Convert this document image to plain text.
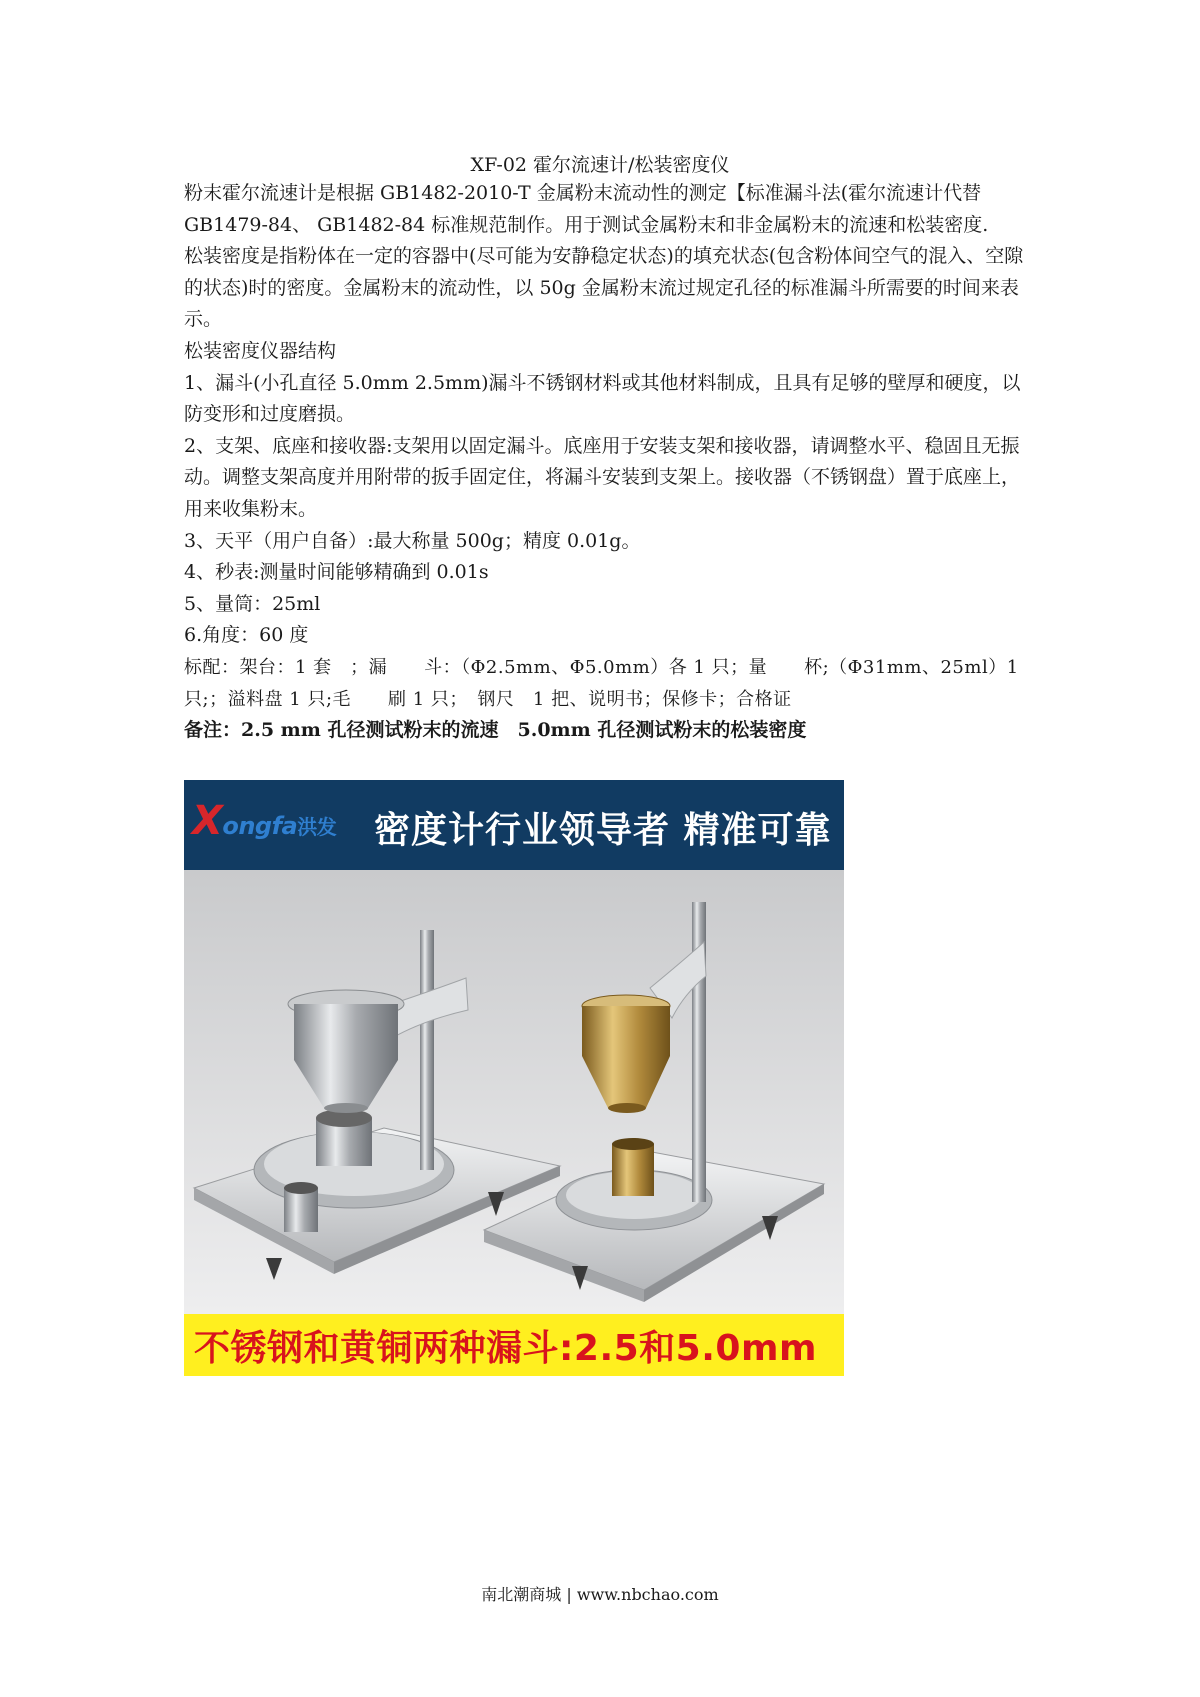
XF-02 霍尔流速计/松装密度仪

粉末霍尔流速计是根据 GB1482-2010-T 金属粉末流动性的测定【标准漏斗法(霍尔流速计代替 GB1479-84、 GB1482-84 标准规范制作。用于测试金属粉末和非金属粉末的流速和松装密度.

松装密度是指粉体在一定的容器中(尽可能为安静稳定状态)的填充状态(包含粉体间空气的混入、空隙的状态)时的密度。金属粉末的流动性，以 50g 金属粉末流过规定孔径的标准漏斗所需要的时间来表示。

松装密度仪器结构

1、漏斗(小孔直径 5.0mm 2.5mm)漏斗不锈钢材料或其他材料制成，且具有足够的壁厚和硬度，以防变形和过度磨损。

2、支架、底座和接收器:支架用以固定漏斗。底座用于安装支架和接收器，请调整水平、稳固且无振动。调整支架高度并用附带的扳手固定住，将漏斗安装到支架上。接收器（不锈钢盘）置于底座上，用来收集粉末。

3、天平（用户自备）:最大称量 500g；精度 0.01g。

4、秒表:测量时间能够精确到 0.01s

5、量筒：25ml

6.角度：60 度

标配：架台：1 套　；漏　　斗：（Φ2.5mm、Φ5.0mm）各 1 只；量　　杯;（Φ31mm、25ml）1 只;；溢料盘 1 只;毛　　刷 1 只；　钢尺　1 把、说明书；保修卡；合格证

备注：2.5 mm 孔径测试粉末的流速　5.0mm 孔径测试粉末的松装密度

Xongfa洪发 密度计行业领导者 精准可靠
不锈钢和黄铜两种漏斗:2.5和5.0mm
南北潮商城 | www.nbchao.com
